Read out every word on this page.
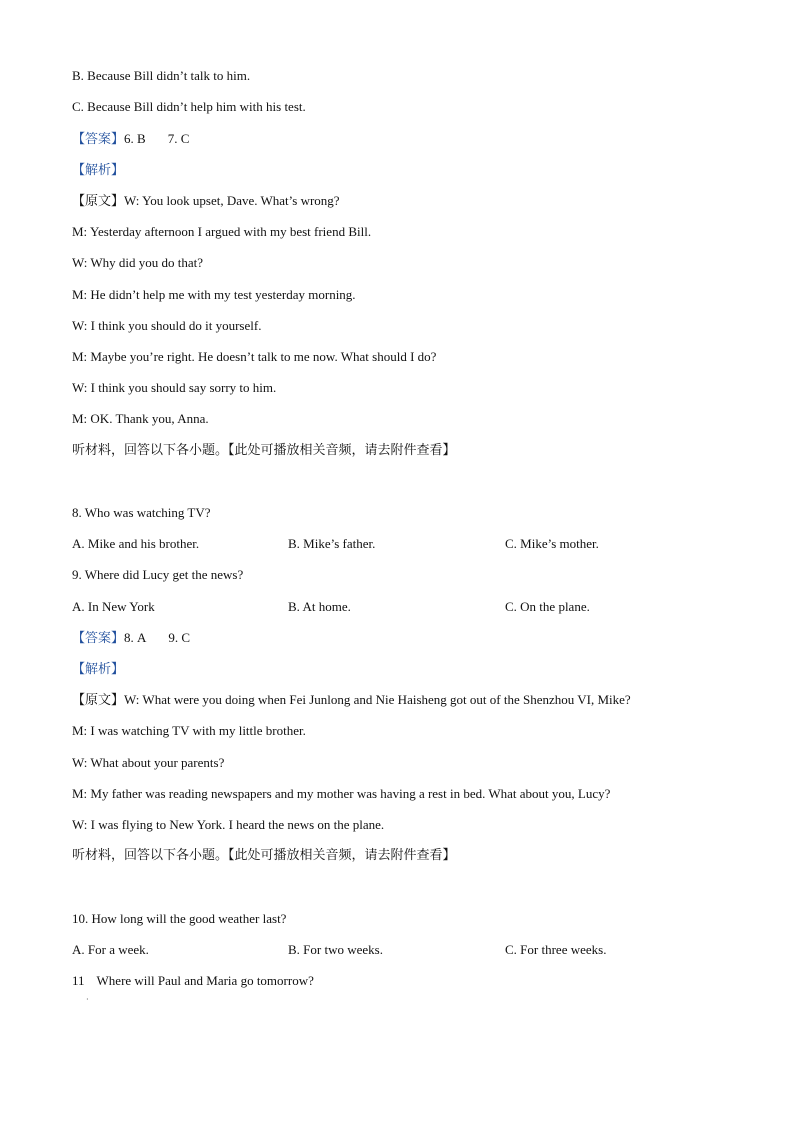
B. Because Bill didn’t talk to him.
C. Because Bill didn’t help him with his test.
【答案】6. B 7. C
【解析】
【原文】W: You look upset, Dave. What’s wrong?
M: Yesterday afternoon I argued with my best friend Bill.
W: Why did you do that?
M: He didn’t help me with my test yesterday morning.
W: I think you should do it yourself.
M: Maybe you’re right. He doesn’t talk to me now. What should I do?
W: I think you should say sorry to him.
M: OK. Thank you, Anna.
听材料，回答以下各小题。【此处可播放相关音频，请去附件查看】
8. Who was watching TV?
A. Mike and his brother.	B. Mike’s father.	C. Mike’s mother.
9. Where did Lucy get the news?
A. In New York	B. At home.	C. On the plane.
【答案】8. A 9. C
【解析】
【原文】W: What were you doing when Fei Junlong and Nie Haisheng got out of the Shenzhou VI, Mike?
M: I was watching TV with my little brother.
W: What about your parents?
M: My father was reading newspapers and my mother was having a rest in bed. What about you, Lucy?
W: I was flying to New York. I heard the news on the plane.
听材料，回答以下各小题。【此处可播放相关音频，请去附件查看】
10. How long will the good weather last?
A. For a week.	B. For two weeks.	C. For three weeks.
11 Where will Paul and Maria go tomorrow?
·
